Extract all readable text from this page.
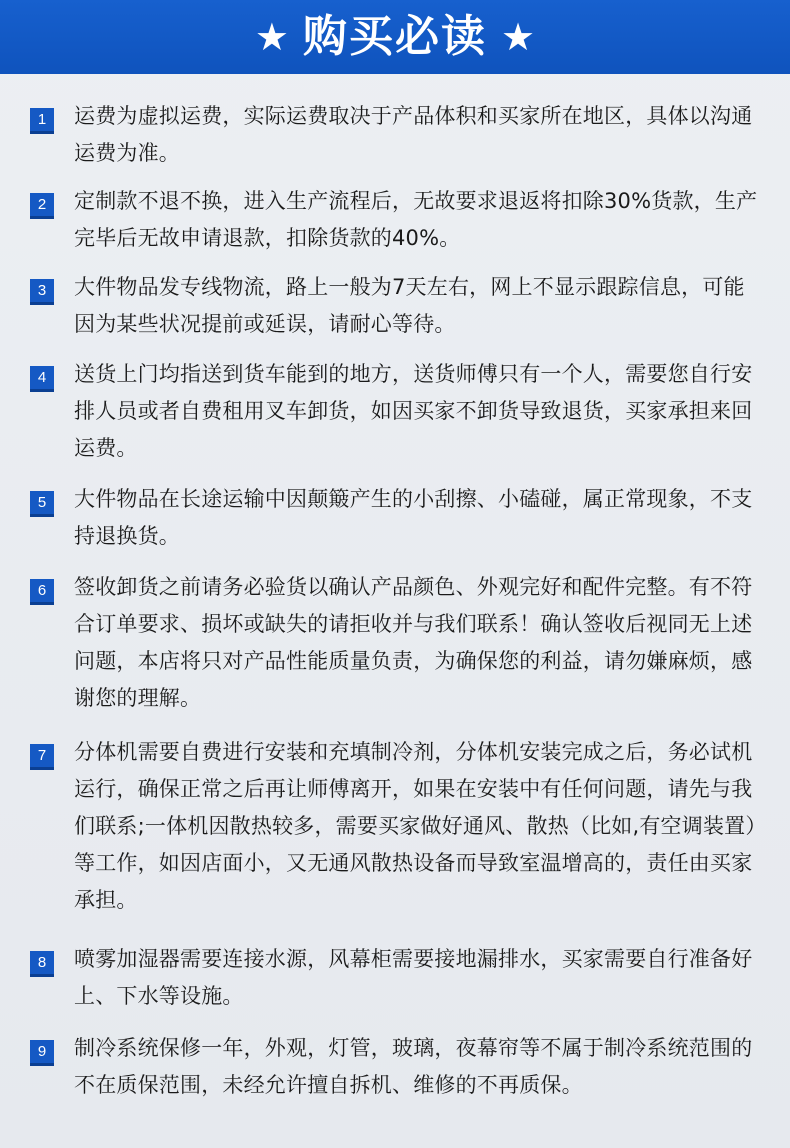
★ 购买必读 ★
1	运费为虚拟运费，实际运费取决于产品体积和买家所在地区，具体以沟通运费为准。

2	定制款不退不换，进入生产流程后，无故要求退返将扣除30%货款，生产完毕后无故申请退款，扣除货款的40%。

3	大件物品发专线物流，路上一般为7天左右，网上不显示跟踪信息，可能因为某些状况提前或延误，请耐心等待。

4	送货上门均指送到货车能到的地方，送货师傅只有一个人，需要您自行安排人员或者自费租用叉车卸货，如因买家不卸货导致退货，买家承担来回运费。

5	大件物品在长途运输中因颠簸产生的小刮擦、小磕碰，属正常现象，不支持退换货。

6	签收卸货之前请务必验货以确认产品颜色、外观完好和配件完整。有不符合订单要求、损坏或缺失的请拒收并与我们联系！确认签收后视同无上述问题，本店将只对产品性能质量负责，为确保您的利益，请勿嫌麻烦，感谢您的理解。

7	分体机需要自费进行安装和充填制冷剂，分体机安装完成之后，务必试机运行，确保正常之后再让师傅离开，如果在安装中有任何问题，请先与我们联系;一体机因散热较多，需要买家做好通风、散热（比如,有空调装置）等工作，如因店面小，又无通风散热设备而导致室温增高的，责任由买家承担。

8	喷雾加湿器需要连接水源，风幕柜需要接地漏排水，买家需要自行准备好上、下水等设施。

9	制冷系统保修一年，外观，灯管，玻璃，夜幕帘等不属于制冷系统范围的不在质保范围，未经允许擅自拆机、维修的不再质保。
